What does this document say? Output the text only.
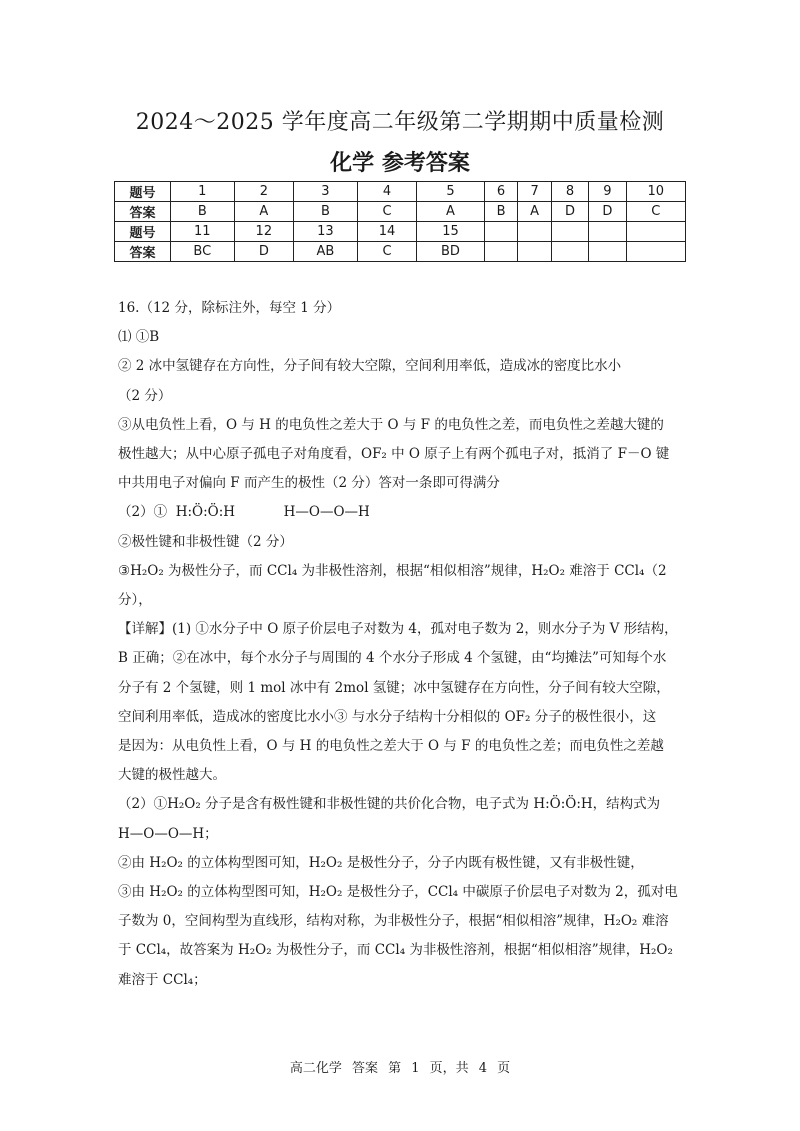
2024～2025 学年度高二年级第二学期期中质量检测
化学 参考答案
题号	1	2	3	4	5	6	7	8	9	10
答案	B	A	B	C	A	B	A	D	D	C
题号	11	12	13	14	15					
答案	BC	D	AB	C	BD					

16.（12 分，除标注外，每空 1 分）

⑴ ①B

② 2 冰中氢键存在方向性，分子间有较大空隙，空间利用率低，造成冰的密度比水小

（2 分）

③从电负性上看，O 与 H 的电负性之差大于 O 与 F 的电负性之差，而电负性之差越大键的

极性越大；从中心原子孤电子对角度看，OF₂ 中 O 原子上有两个孤电子对，抵消了 F－O 键

中共用电子对偏向 F 而产生的极性（2 分）答对一条即可得满分

（2）① H:Ö:Ö:H	H—O—O—H

②极性键和非极性键（2 分）

③H₂O₂ 为极性分子，而 CCl₄ 为非极性溶剂，根据“相似相溶”规律，H₂O₂ 难溶于 CCl₄（2 分），

【详解】(1) ①水分子中 O 原子价层电子对数为 4，孤对电子数为 2，则水分子为 V 形结构，

B 正确；②在冰中，每个水分子与周围的 4 个水分子形成 4 个氢键，由“均摊法”可知每个水

分子有 2 个氢键，则 1 mol 冰中有 2mol 氢键；冰中氢键存在方向性，分子间有较大空隙，

空间利用率低，造成冰的密度比水小③ 与水分子结构十分相似的 OF₂ 分子的极性很小，这

是因为：从电负性上看，O 与 H 的电负性之差大于 O 与 F 的电负性之差；而电负性之差越

大键的极性越大。

（2）①H₂O₂ 分子是含有极性键和非极性键的共价化合物，电子式为 H:Ö:Ö:H，结构式为

H—O—O—H；

②由 H₂O₂ 的立体构型图可知，H₂O₂ 是极性分子，分子内既有极性键，又有非极性键，

③由 H₂O₂ 的立体构型图可知，H₂O₂ 是极性分子，CCl₄ 中碳原子价层电子对数为 2，孤对电

子数为 0，空间构型为直线形，结构对称，为非极性分子，根据“相似相溶”规律，H₂O₂ 难溶

于 CCl₄，故答案为 H₂O₂ 为极性分子，而 CCl₄ 为非极性溶剂，根据“相似相溶”规律，H₂O₂

难溶于 CCl₄；

高二化学 答案 第 1 页，共 4 页
